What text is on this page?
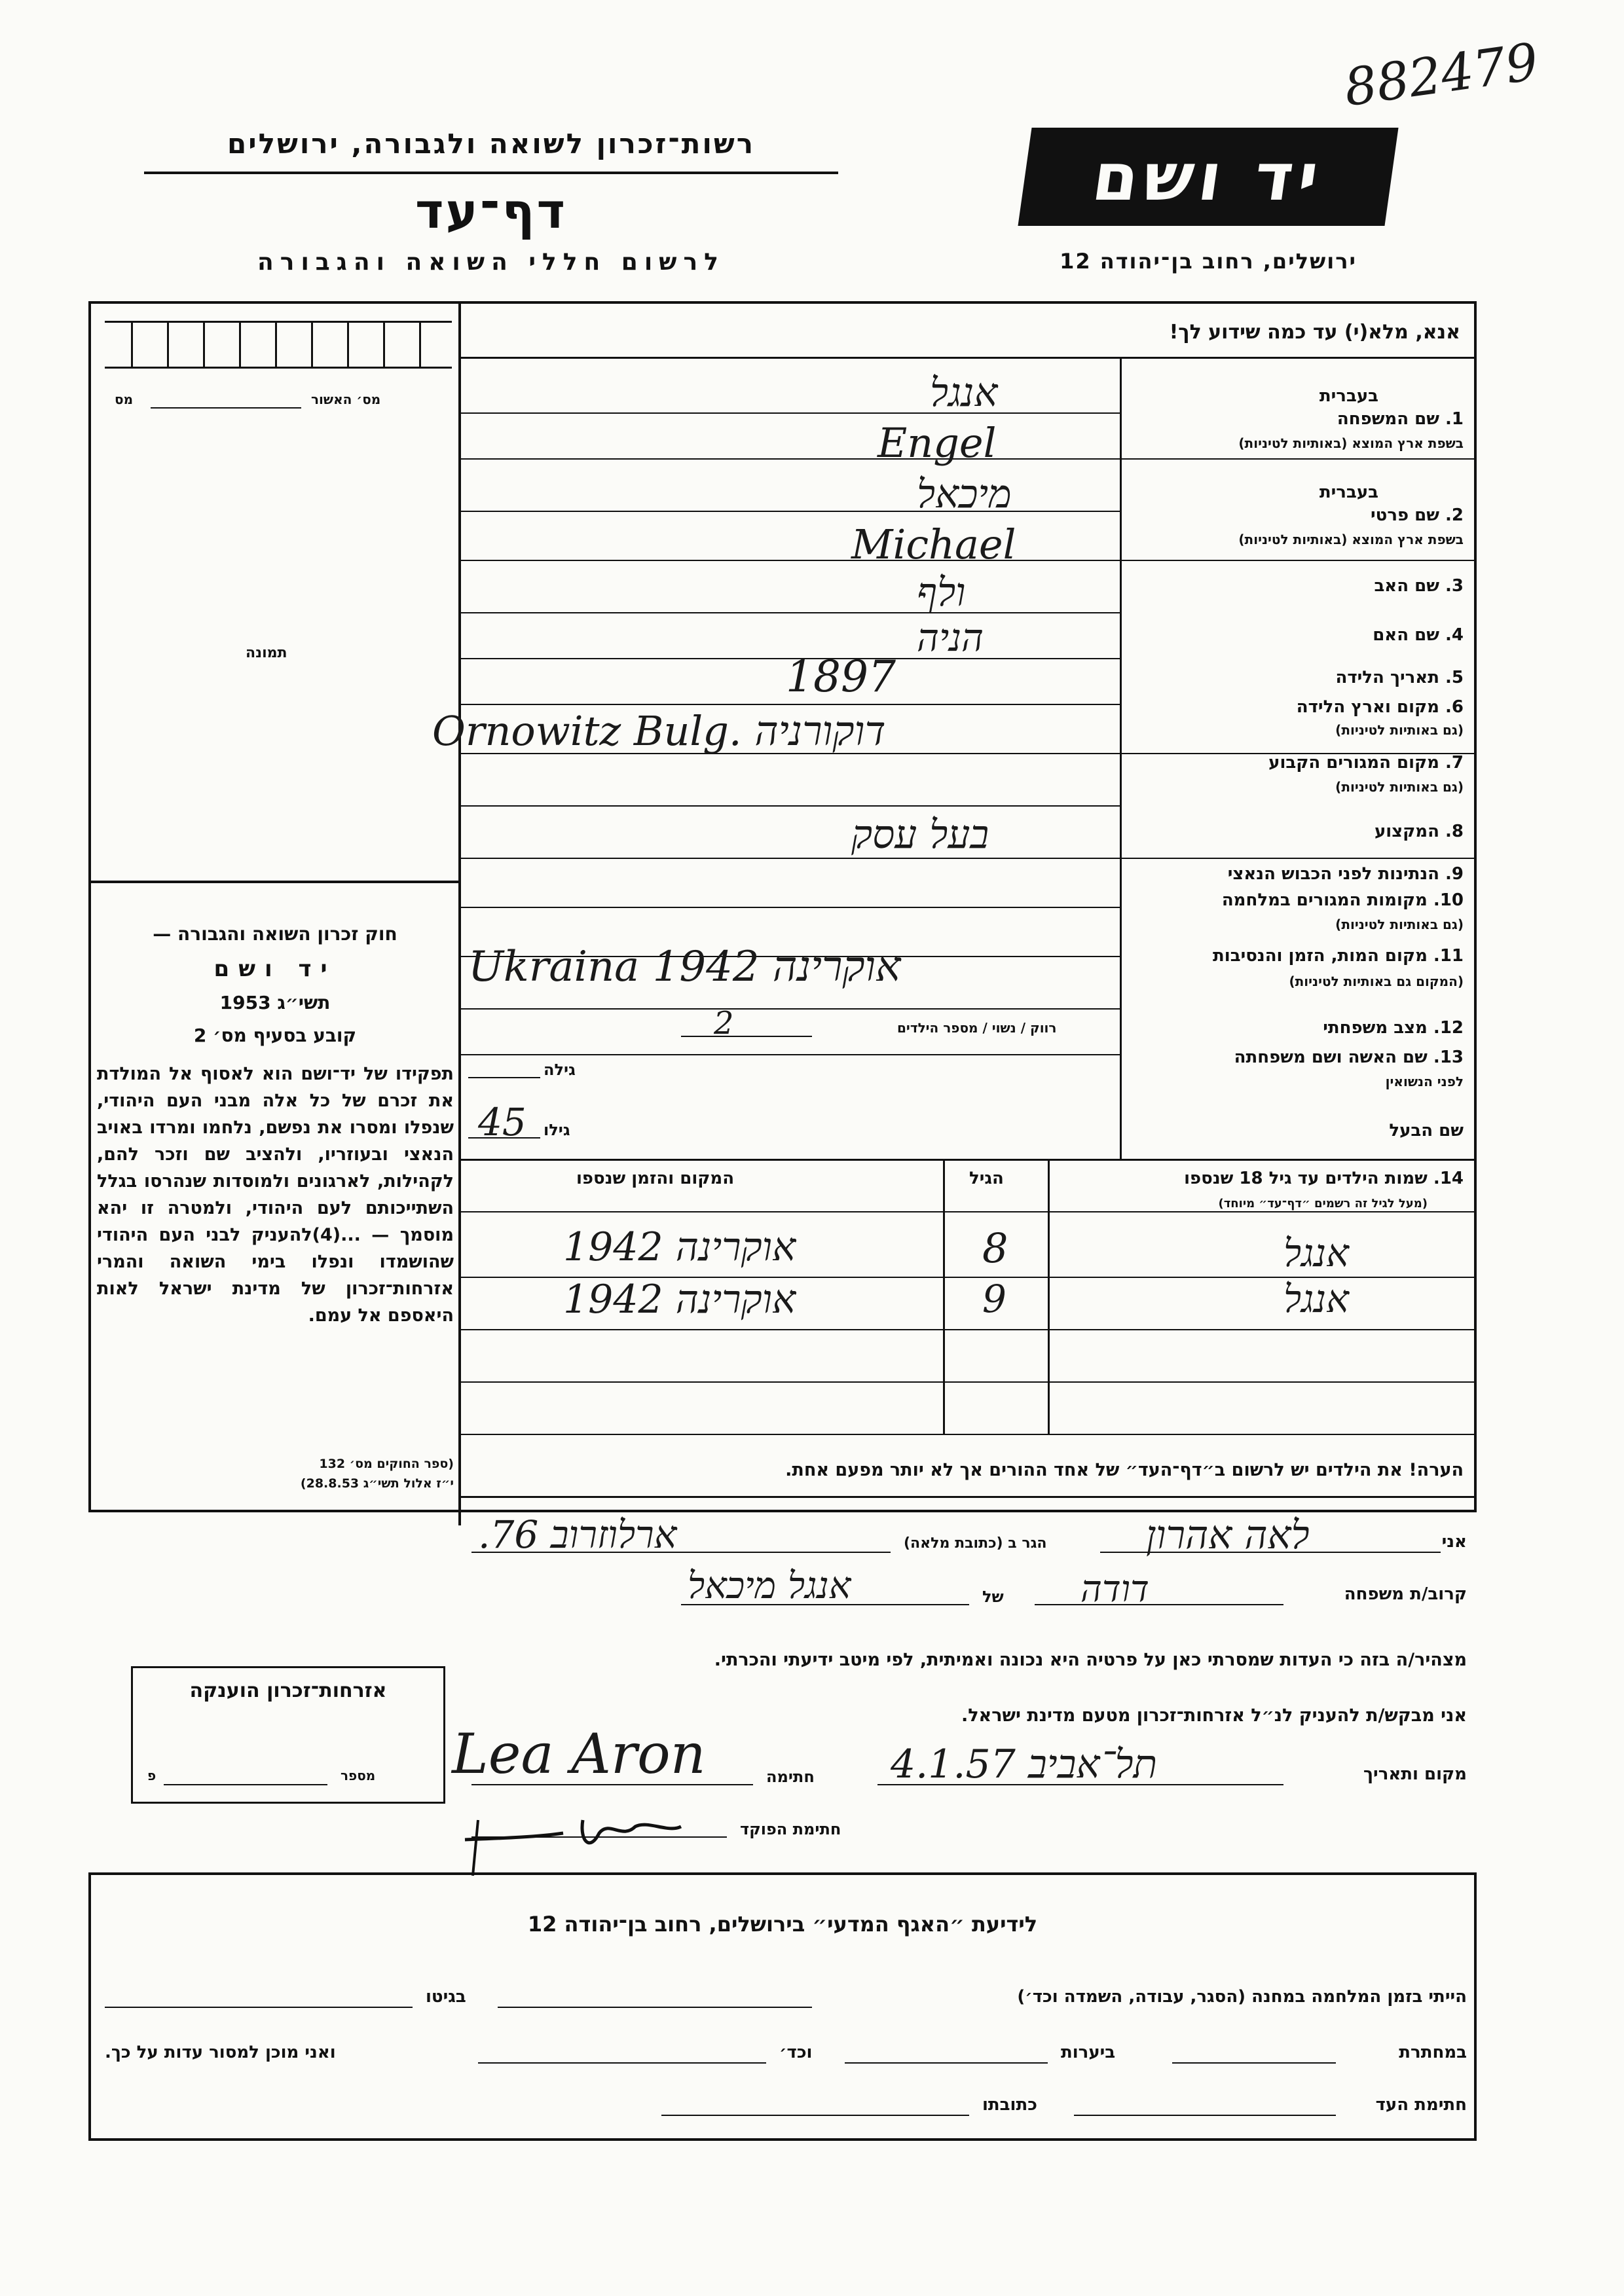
882479
רשות־זכרון לשואה ולגבורה, ירושלים
דף־עד
לרשום חללי השואה והגבורה
יד ושם
ירושלים, רחוב בן־יהודה 12
מס	מס׳ האשור
תמונה
חוק זכרון השואה והגבורה —
יד ושם
תשי״ג 1953
קובע בסעיף מס׳ 2
תפקידו של יד־ושם הוא לאסוף אל המולדת את זכרם של כל אלה מבני העם היהודי, שנפלו ומסרו את נפשם, נלחמו ומרדו באויב הנאצי ובעוזריו, ולהציב שם וזכר להם, לקהילות, לארגונים ולמוסדות שנהרסו בגלל השתייכותם לעם היהודי, ולמטרה זו יהא מוסמך — ...(4)להעניק לבני העם היהודי שהושמדו ונפלו בימי השואה והמרי אזרחות־זכרון של מדינת ישראל לאות היאספם אל עמם.
(ספר החוקים מס׳ 132
י״ז אלול תשי״ג 28.8.53)
אזרחות־זכרון הוענקה
פ	מספר
אנא, מלא(י) עד כמה שידוע לך!
בעברית
1. שם המשפחה
בשפת ארץ המוצא (באותיות לטיניות)
בעברית
2. שם פרטי
בשפת ארץ המוצא (באותיות לטיניות)
3. שם האב
4. שם האם
5. תאריך הלידה
6. מקום וארץ הלידה
(גם באותיות לטיניות)
7. מקום המגורים הקבוע
(גם באותיות לטיניות)
8. המקצוע
9. הנתינות לפני הכבוש הנאצי
10. מקומות המגורים במלחמה
(גם באותיות לטיניות)
11. מקום המות, הזמן והנסיבות
(המקום גם באותיות לטיניות)
12. מצב משפחתי
13. שם האשה ושם משפחתה
לפני הנשואין
שם הבעל
אנגל
Engel
מיכאל
Michael
ולף
הניה
1897
Ornowitz Bulg. דוקורניה
בעל עסק
Ukraina 1942 אוקרינה
רווק / נשוי / מספר הילדים
2
גילה
גילו
45
14. שמות הילדים עד גיל 18 שנספו
(מעל לגיל זה רשמים ״דף־עד״ מיוחד)
הגיל
המקום והזמן שנספו
אנגל
8
אוקרינה 1942
אנגל
9
אוקרינה 1942
הערה! את הילדים יש לרשום ב״דף־העד״ של אחד ההורים אך לא יותר מפעם אחת.
אני
לאה אהרון
הגר ב (כתובת מלאה)
ארלוזרוב 76.
קרוב/ת משפחה
דודה
של
אנגל מיכאל
מצהיר/ה בזה כי העדות שמסרתי כאן על פרטיה היא נכונה ואמיתית, לפי מיטב ידיעתי והכרתי.
אני מבקש/ת להעניק לנ״ל אזרחות־זכרון מטעם מדינת ישראל.
מקום ותאריך
תל־אביב 4.1.57
חתימה
Lea Aron
חתימת הפוקד
לידיעת ״האגף המדעי״ בירושלים, רחוב בן־יהודה 12
הייתי בזמן המלחמה במחנה (הסגר, עבודה, השמדה וכד׳)
בגיטו
במחתרת
ביערות
וכד׳
ואני מוכן למסור עדות על כך.
חתימת העד
כתובתו
